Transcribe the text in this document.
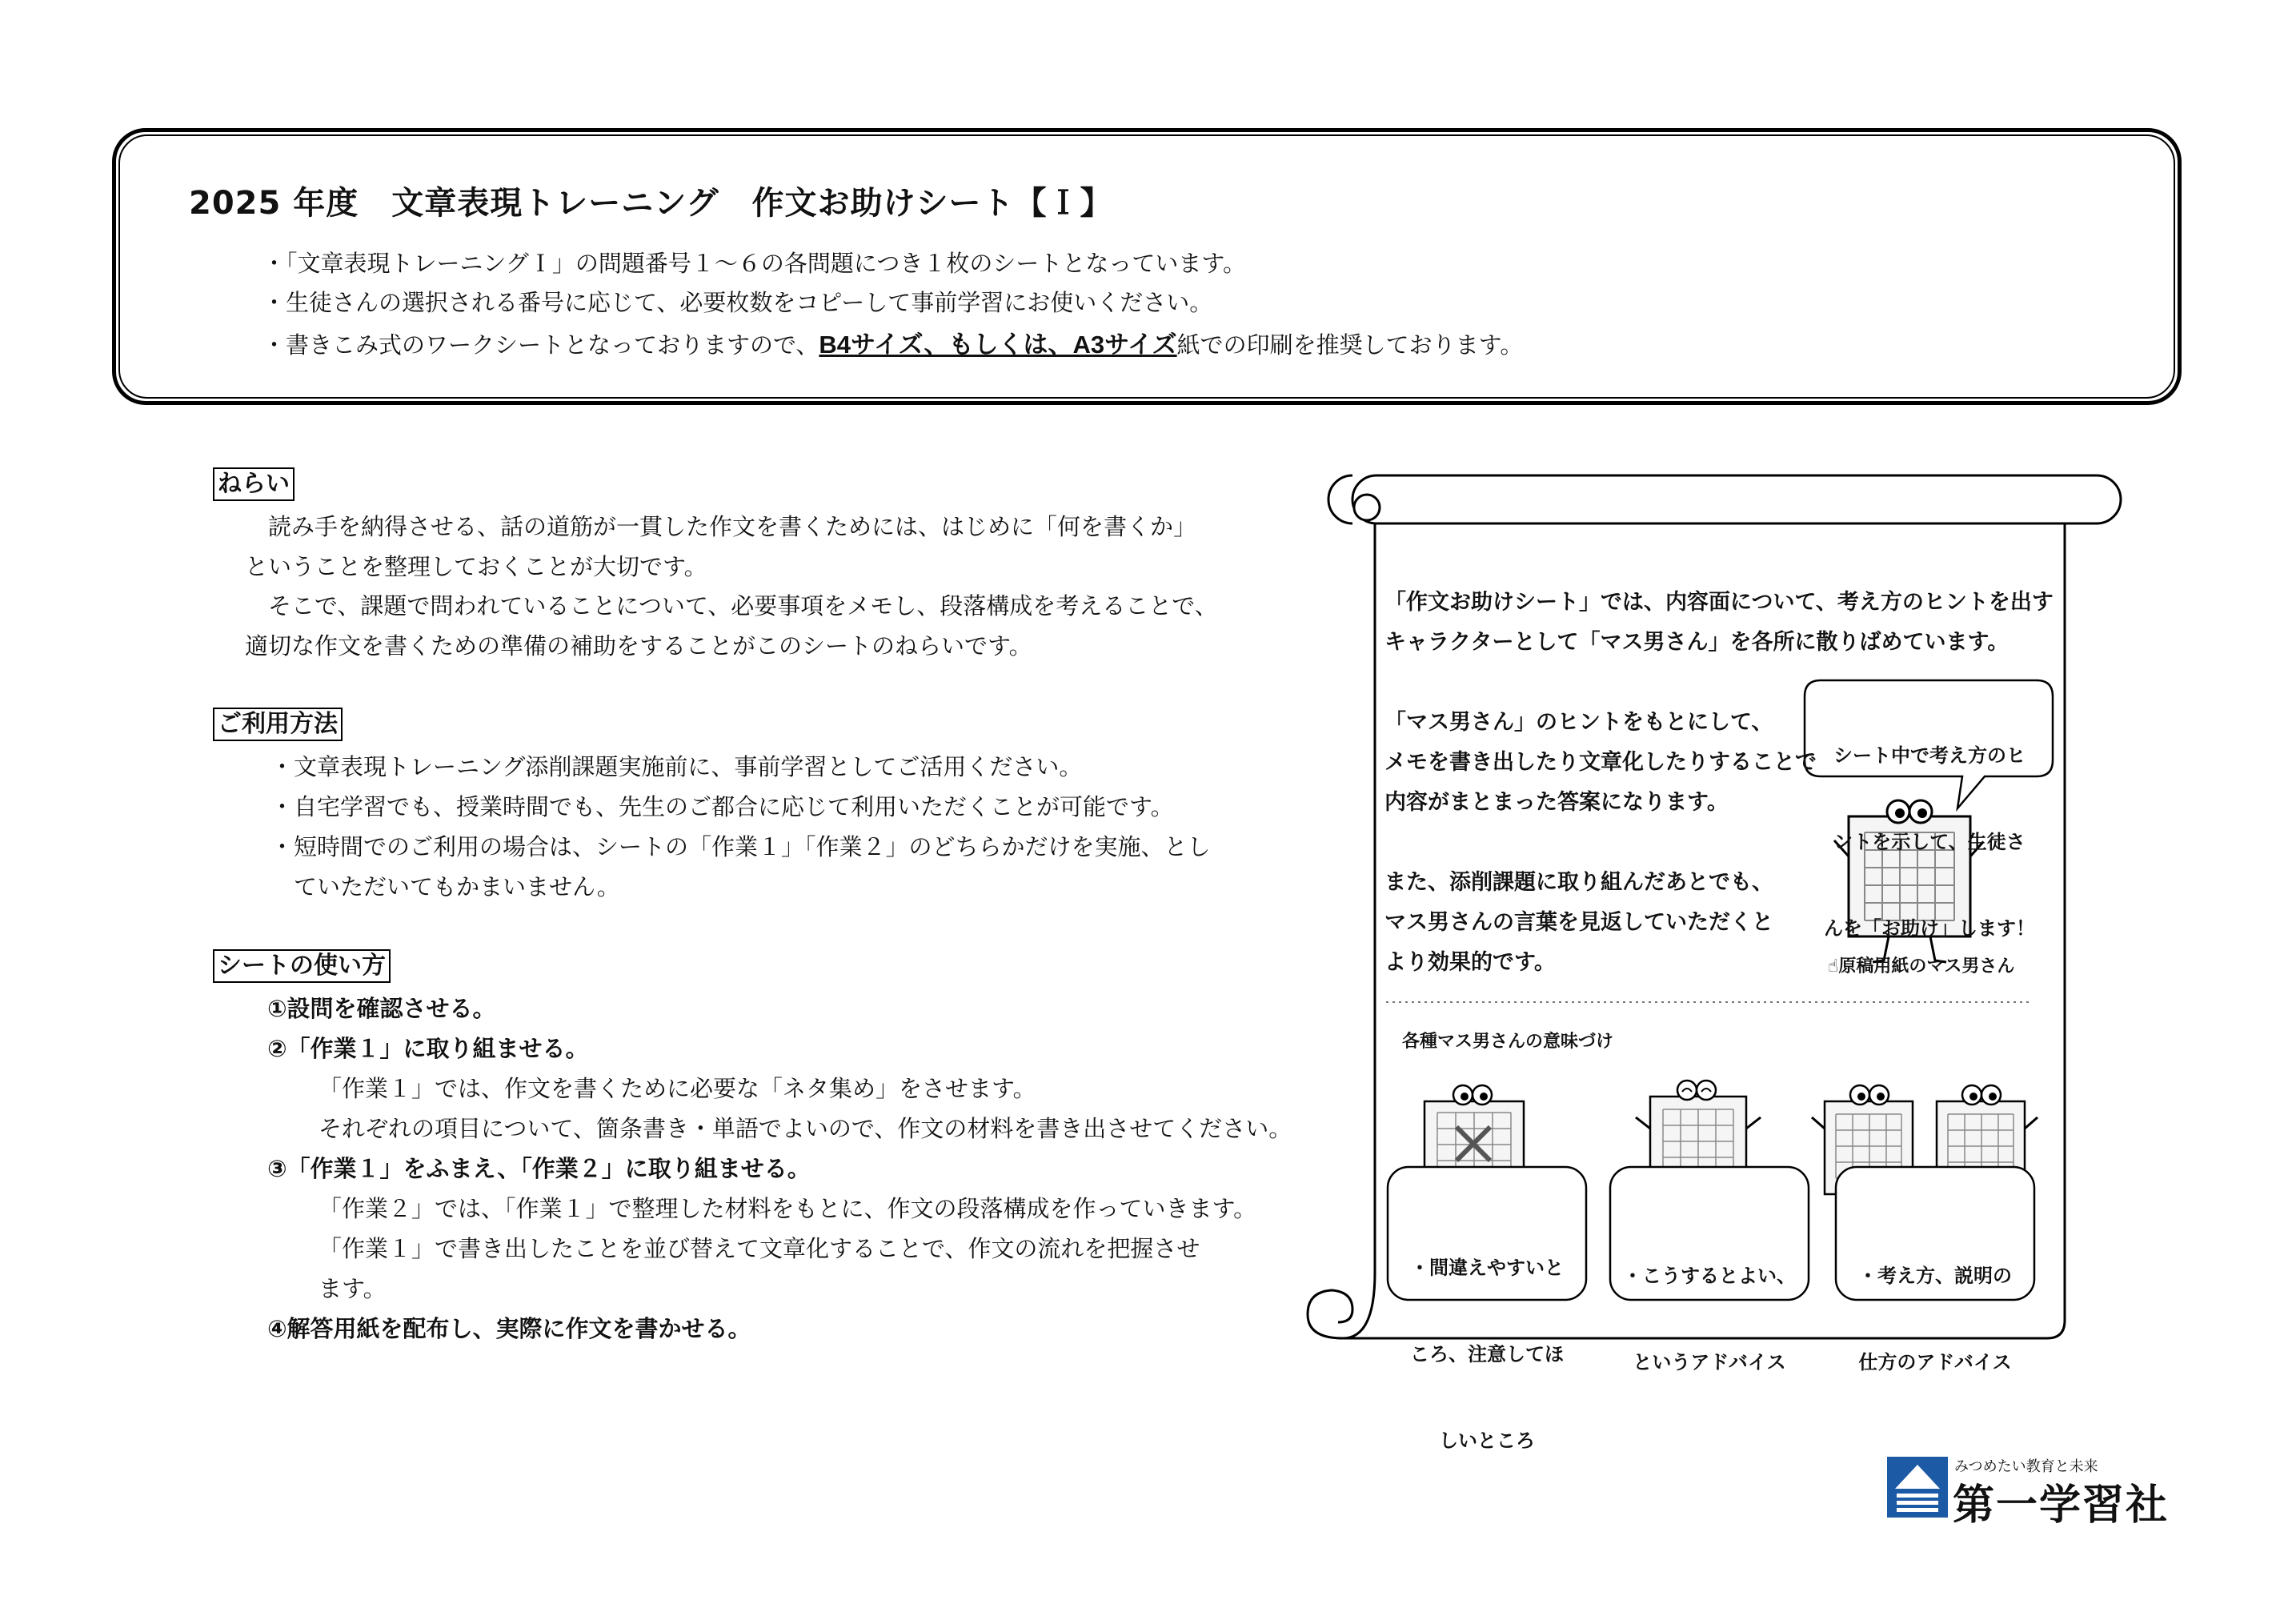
2025 年度　文章表現トレーニング　作文お助けシート【Ｉ】
・「文章表現トレーニングＩ」の問題番号１～６の各問題につき１枚のシートとなっています。
・生徒さんの選択される番号に応じて、必要枚数をコピーして事前学習にお使いください。
・書きこみ式のワークシートとなっておりますので、B4サイズ、もしくは、A3サイズ紙での印刷を推奨しております。
ねらい
　読み手を納得させる、話の道筋が一貫した作文を書くためには、はじめに「何を書くか」
ということを整理しておくことが大切です。
　そこで、課題で問われていることについて、必要事項をメモし、段落構成を考えることで、
適切な作文を書くための準備の補助をすることがこのシートのねらいです。
ご利用方法
・文章表現トレーニング添削課題実施前に、事前学習としてご活用ください。
・自宅学習でも、授業時間でも、先生のご都合に応じて利用いただくことが可能です。
・短時間でのご利用の場合は、シートの「作業１」「作業２」のどちらかだけを実施、とし
　ていただいてもかまいません。
シートの使い方
①設問を確認させる。
②「作業１」に取り組ませる。
「作業１」では、作文を書くために必要な「ネタ集め」をさせます。
それぞれの項目について、箇条書き・単語でよいので、作文の材料を書き出させてください。
③「作業１」をふまえ、「作業２」に取り組ませる。
「作業２」では、「作業１」で整理した材料をもとに、作文の段落構成を作っていきます。
「作業１」で書き出したことを並び替えて文章化することで、作文の流れを把握させ
ます。
④解答用紙を配布し、実際に作文を書かせる。
「作文お助けシート」では、内容面について、考え方のヒントを出す
キャラクターとして「マス男さん」を各所に散りばめています。
「マス男さん」のヒントをもとにして、
メモを書き出したり文章化したりすることで
内容がまとまった答案になります。
また、添削課題に取り組んだあとでも、
マス男さんの言葉を見返していただくと
より効果的です。

シート中で考え方のヒ

ントを示して、生徒さ

んを「お助け」します！

☝原稿用紙のマス男さん
各種マス男さんの意味づけ

・間違えやすいと

ころ、注意してほ

しいところ

・こうするとよい、

というアドバイス

・考え方、説明の

仕方のアドバイス

みつめたい教育と未来
第一学習社
